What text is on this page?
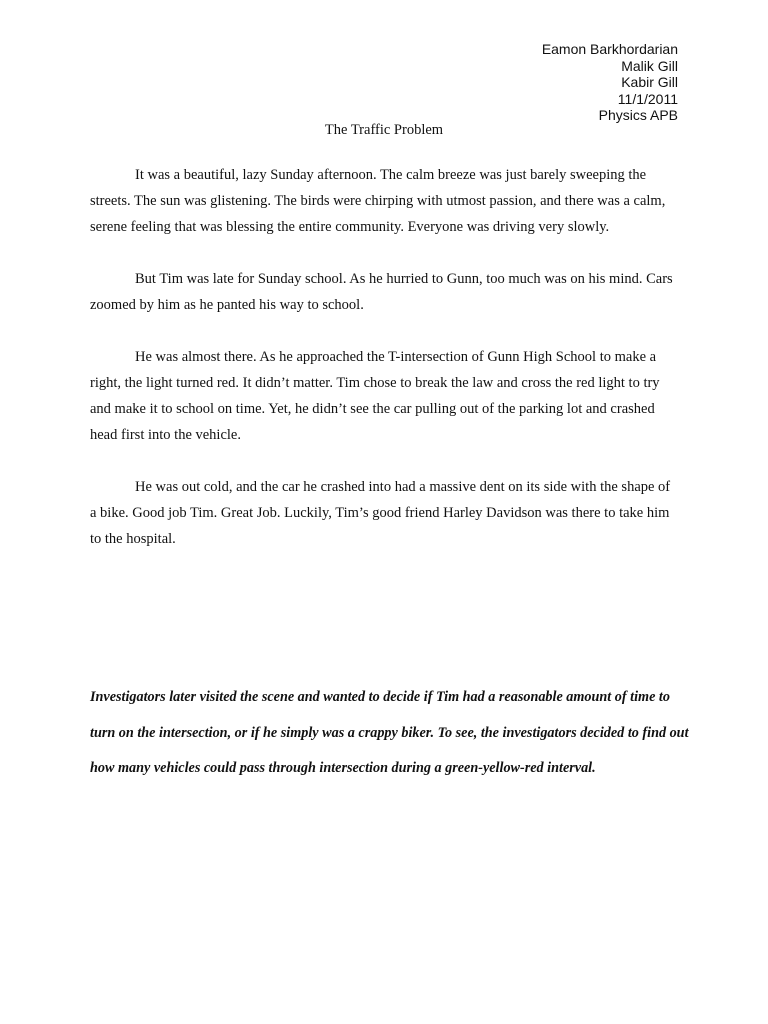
Eamon Barkhordarian
Malik Gill
Kabir Gill
11/1/2011
Physics APB
The Traffic Problem

It was a beautiful, lazy Sunday afternoon. The calm breeze was just barely sweeping the streets. The sun was glistening. The birds were chirping with utmost passion, and there was a calm, serene feeling that was blessing the entire community. Everyone was driving very slowly.

But Tim was late for Sunday school. As he hurried to Gunn, too much was on his mind. Cars zoomed by him as he panted his way to school.

He was almost there. As he approached the T-intersection of Gunn High School to make a right, the light turned red. It didn’t matter. Tim chose to break the law and cross the red light to try and make it to school on time. Yet, he didn’t see the car pulling out of the parking lot and crashed head first into the vehicle.

He was out cold, and the car he crashed into had a massive dent on its side with the shape of a bike. Good job Tim. Great Job. Luckily, Tim’s good friend Harley Davidson was there to take him to the hospital.

Investigators later visited the scene and wanted to decide if Tim had a reasonable amount of time to turn on the intersection, or if he simply was a crappy biker. To see, the investigators decided to find out how many vehicles could pass through intersection during a green-yellow-red interval.
